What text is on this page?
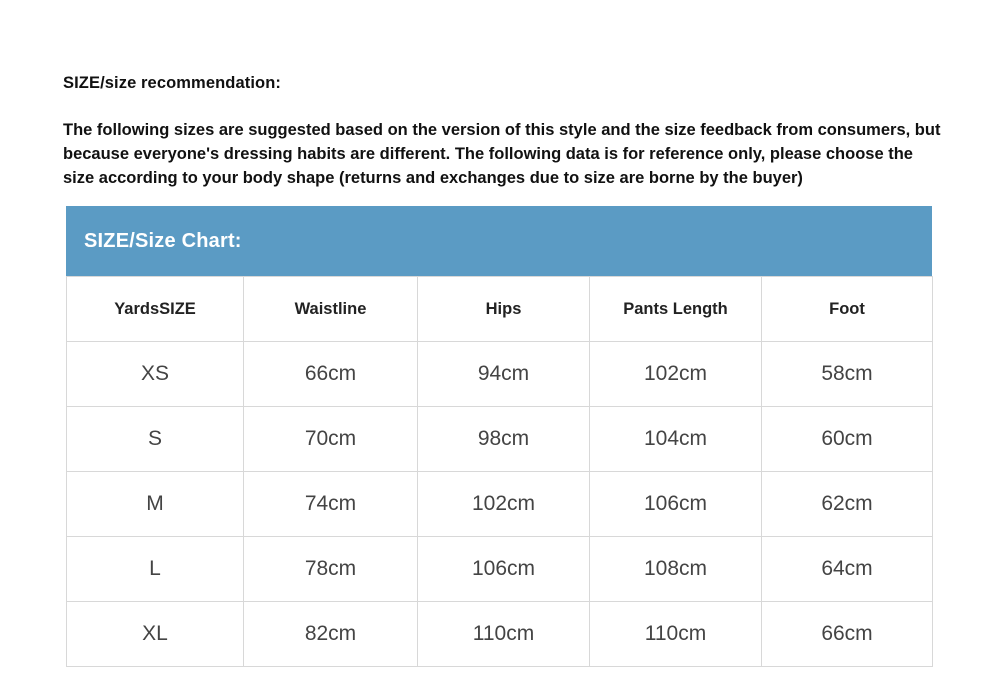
SIZE/size recommendation:
The following sizes are suggested based on the version of this style and the size feedback from consumers, but because everyone's dressing habits are different. The following data is for reference only, please choose the size according to your body shape (returns and exchanges due to size are borne by the buyer)
SIZE/Size Chart:
YardsSIZE	Waistline	Hips	Pants Length	Foot
XS	66cm	94cm	102cm	58cm
S	70cm	98cm	104cm	60cm
M	74cm	102cm	106cm	62cm
L	78cm	106cm	108cm	64cm
XL	82cm	110cm	110cm	66cm
